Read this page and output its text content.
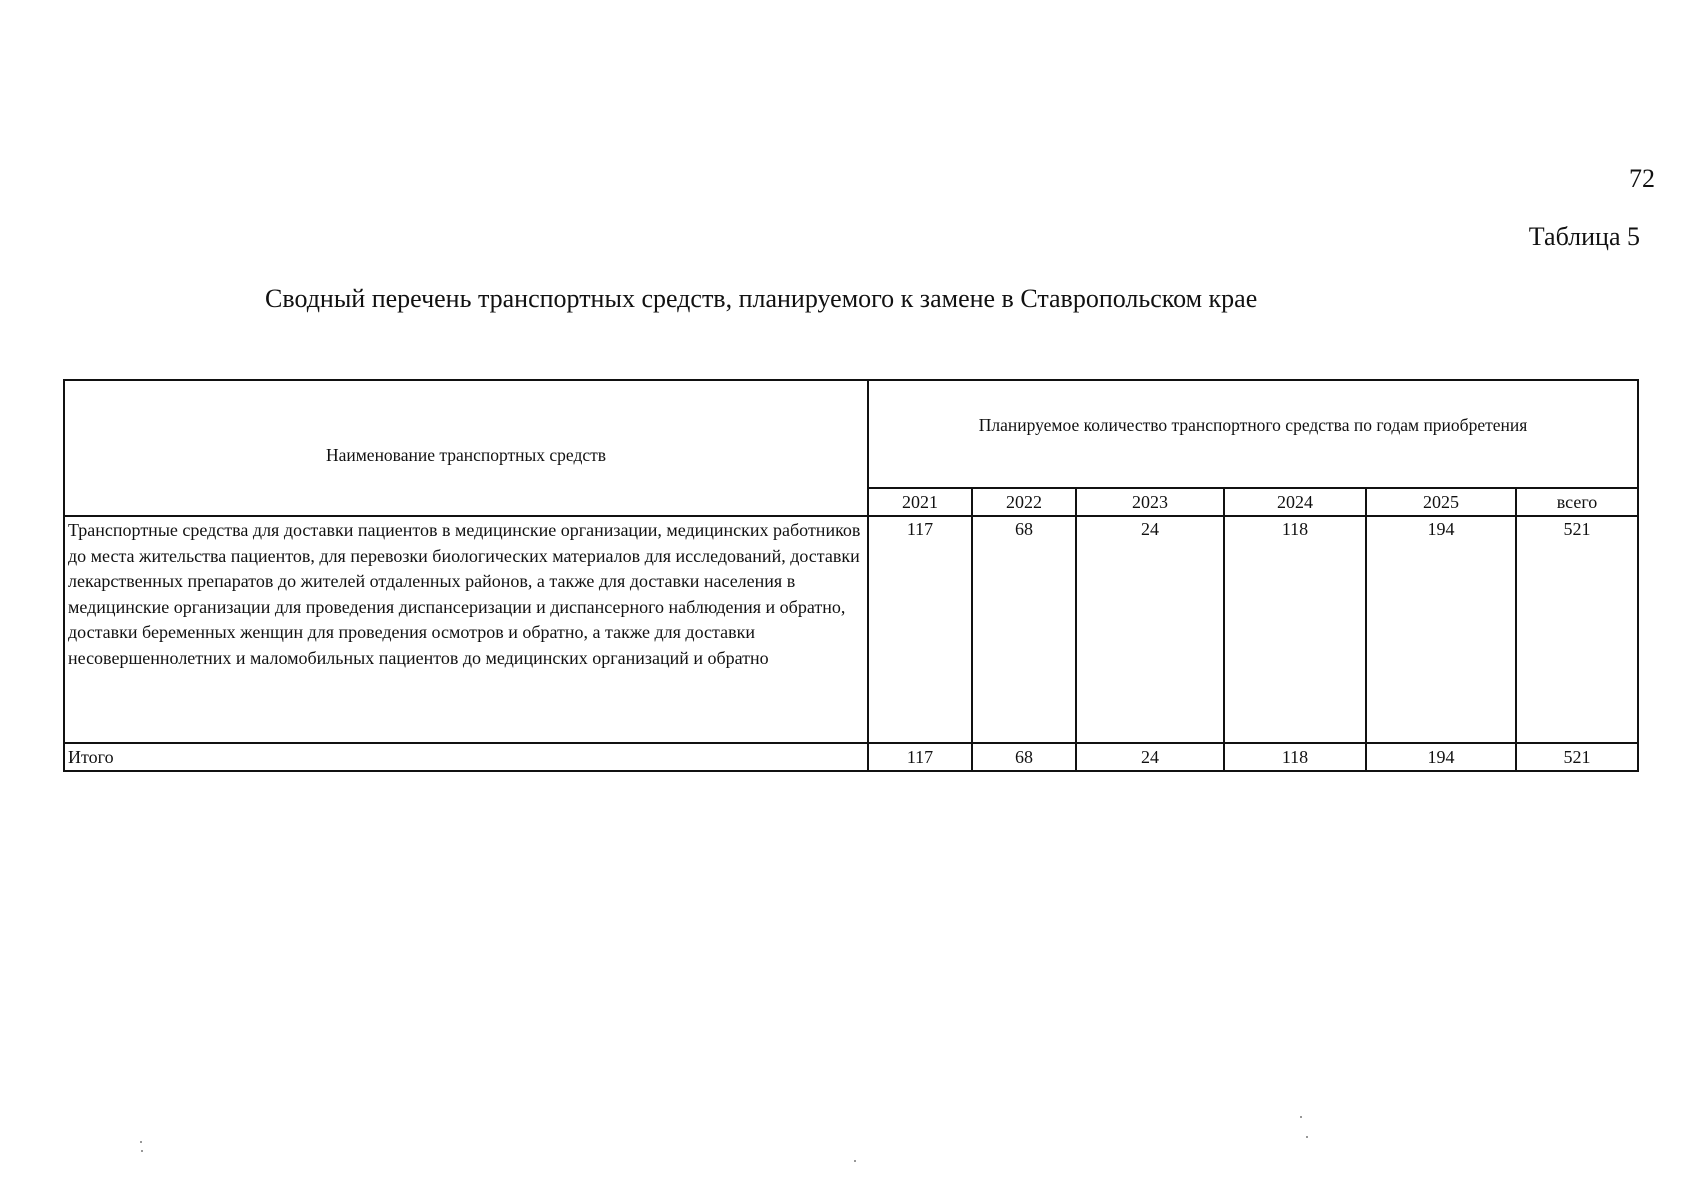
72
Таблица 5
Сводный перечень транспортных средств, планируемого к замене в Ставропольском крае
Наименование транспортных средств	Планируемое количество транспортного средства по годам приобретения					
	2021	2022	2023	2024	2025	всего
Транспортные средства для доставки пациентов в медицинские организации, медицинских работников до места жительства пациентов, для перевозки биологических материалов для исследований, доставки лекарственных препаратов до жителей отдаленных районов, а также для доставки населения в медицинские организации для проведения диспансеризации и диспансерного наблюдения и обратно, доставки беременных женщин для проведения осмотров и обратно, а также для доставки несовершеннолетних и маломобильных пациентов до медицинских организаций и обратно	117	68	24	118	194	521
Итого	117	68	24	118	194	521
